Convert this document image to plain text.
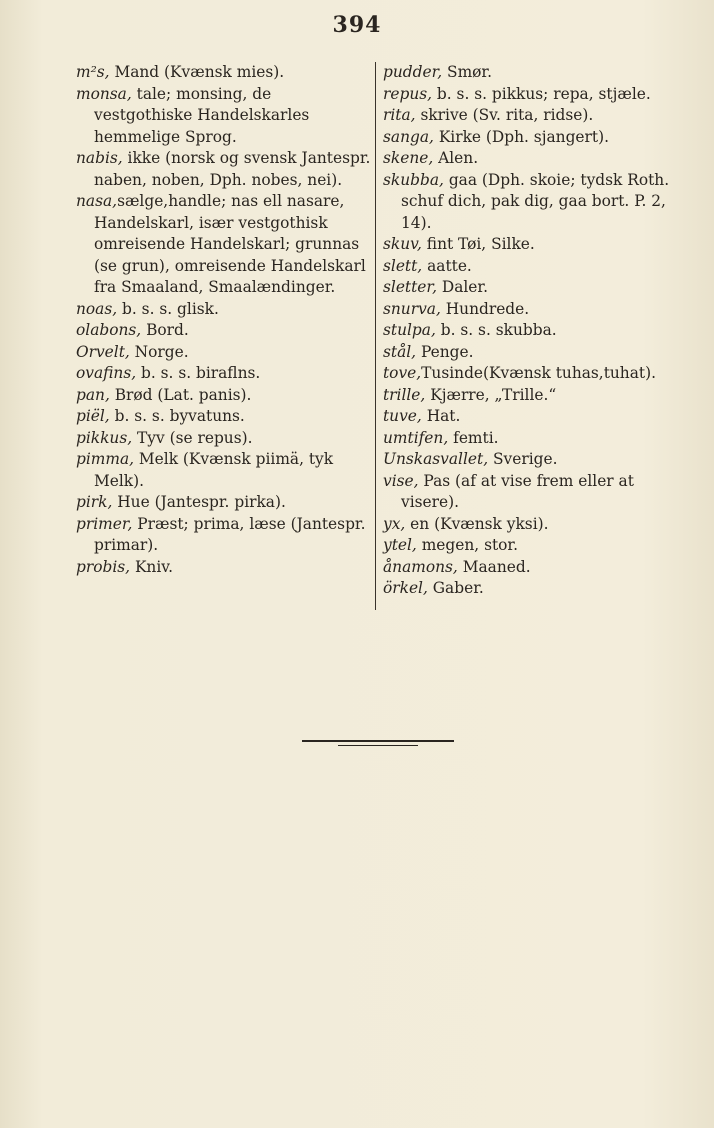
394

m²s, Mand (Kvænsk mies).

monsa, tale; monsing, de vestgothiske Handelskarles hemmelige Sprog.

nabis, ikke (norsk og svensk Jantespr. naben, noben, Dph. nobes, nei).

nasa,sælge,handle; nas ell nasare, Handelskarl, især vestgothisk omreisende Handelskarl; grunnas (se grun), omreisende Handelskarl fra Smaaland, Smaalændinger.

noas, b. s. s. glisk.

olabons, Bord.

Orvelt, Norge.

ovafins, b. s. s. biraflns.

pan, Brød (Lat. panis).

piël, b. s. s. byvatuns.

pikkus, Tyv (se repus).

pimma, Melk (Kvænsk piimä, tyk Melk).

pirk, Hue (Jantespr. pirka).

primer, Præst; prima, læse (Jantespr. primar).

probis, Kniv.

pudder, Smør.

repus, b. s. s. pikkus; repa, stjæle.

rita, skrive (Sv. rita, ridse).

sanga, Kirke (Dph. sjangert).

skene, Alen.

skubba, gaa (Dph. skoie; tydsk Roth. schuf dich, pak dig, gaa bort. P. 2, 14).

skuv, fint Tøi, Silke.

slett, aatte.

sletter, Daler.

snurva, Hundrede.

stulpa, b. s. s. skubba.

stål, Penge.

tove,Tusinde(Kvænsk tuhas,tuhat).

trille, Kjærre, „Trille.“

tuve, Hat.

umtifen, femti.

Unskasvallet, Sverige.

vise, Pas (af at vise frem eller at visere).

yx, en (Kvænsk yksi).

ytel, megen, stor.

ånamons, Maaned.

örkel, Gaber.
